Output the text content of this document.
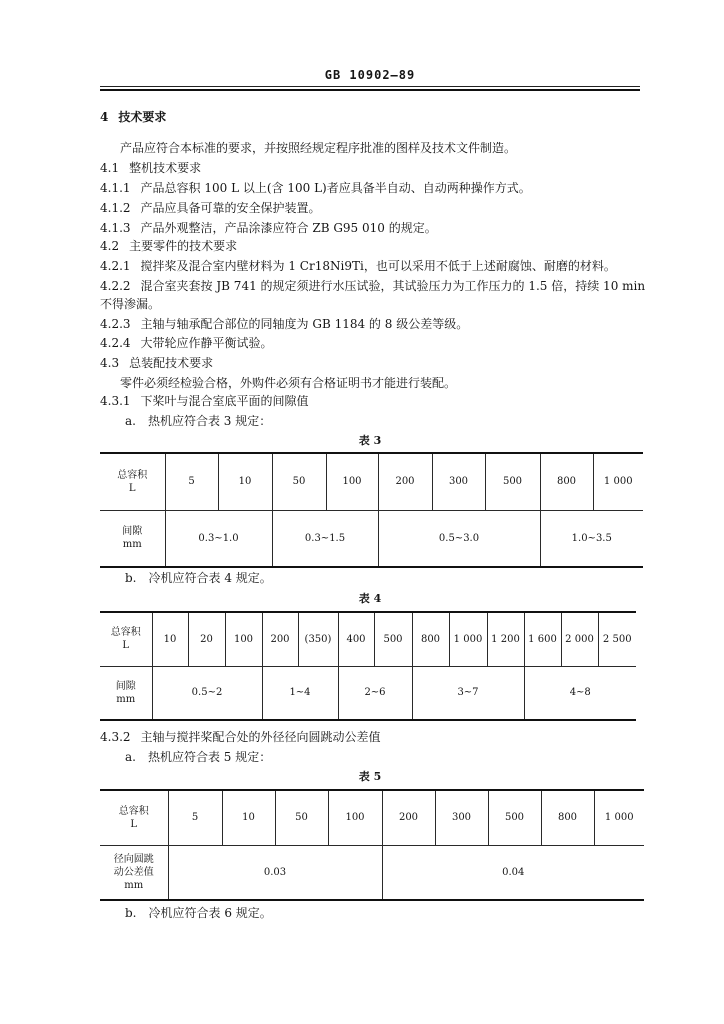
GB 10902—89
4 技术要求
产品应符合本标准的要求，并按照经规定程序批准的图样及技术文件制造。
4.1 整机技术要求
4.1.1 产品总容积 100 L 以上(含 100 L)者应具备半自动、自动两种操作方式。
4.1.2 产品应具备可靠的安全保护装置。
4.1.3 产品外观整洁，产品涂漆应符合 ZB G95 010 的规定。
4.2 主要零件的技术要求
4.2.1 搅拌桨及混合室内壁材料为 1 Cr18Ni9Ti，也可以采用不低于上述耐腐蚀、耐磨的材料。
4.2.2 混合室夹套按 JB 741 的规定须进行水压试验，其试验压力为工作压力的 1.5 倍，持续 10 min
不得渗漏。
4.2.3 主轴与轴承配合部位的同轴度为 GB 1184 的 8 级公差等级。
4.2.4 大带轮应作静平衡试验。
4.3 总装配技术要求
零件必须经检验合格，外购件必须有合格证明书才能进行装配。
4.3.1 下桨叶与混合室底平面的间隙值
a. 热机应符合表 3 规定：
表 3
总容积
L	5	10	50	100	200	300	500	800	1 000

间隙
mm	0.3~1.0		0.3~1.5		0.5~3.0			1.0~3.5	
b. 冷机应符合表 4 规定。
表 4
总容积
L	10	20	100	200	(350)	400	500	800	1 000	1 200	1 600	2 000	2 500

间隙
mm	0.5~2			1~4		2~6		3~7			4~8		
4.3.2 主轴与搅拌桨配合处的外径径向圆跳动公差值
a. 热机应符合表 5 规定：
表 5
总容积
L	5	10	50	100	200	300	500	800	1 000

径向圆跳
动公差值
mm	0.03				0.04				
b. 冷机应符合表 6 规定。
